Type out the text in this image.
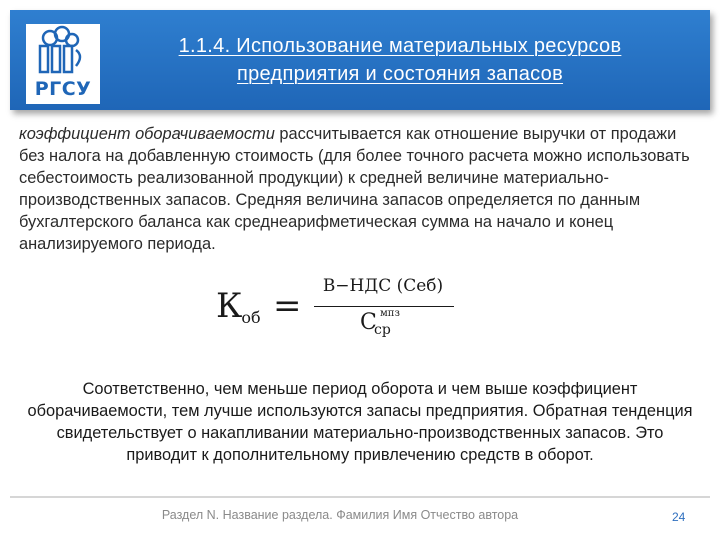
РГСУ
1.1.4. Использование материальных ресурсов
предприятия и состояния запасов
коэффициент оборачиваемости рассчитывается как отношение выручки от продажи без налога на добавленную стоимость (для более точного расчета можно использовать себестоимость реализованной продукции) к средней величине материально-производственных запасов. Средняя величина запасов определяется по данным бухгалтерского баланса как среднеарифметическая сумма на начало и конец анализируемого периода.
$К_{об}$ =	В−НДС (Себ)
С мпз
ср
Соответственно, чем меньше период оборота и чем выше коэффициент оборачиваемости, тем лучше используются запасы предприятия. Обратная тенденция свидетельствует о накапливании материально-производственных запасов. Это приводит к дополнительному привлечению средств в оборот.
Раздел N. Название раздела. Фамилия Имя Отчество автора	24
